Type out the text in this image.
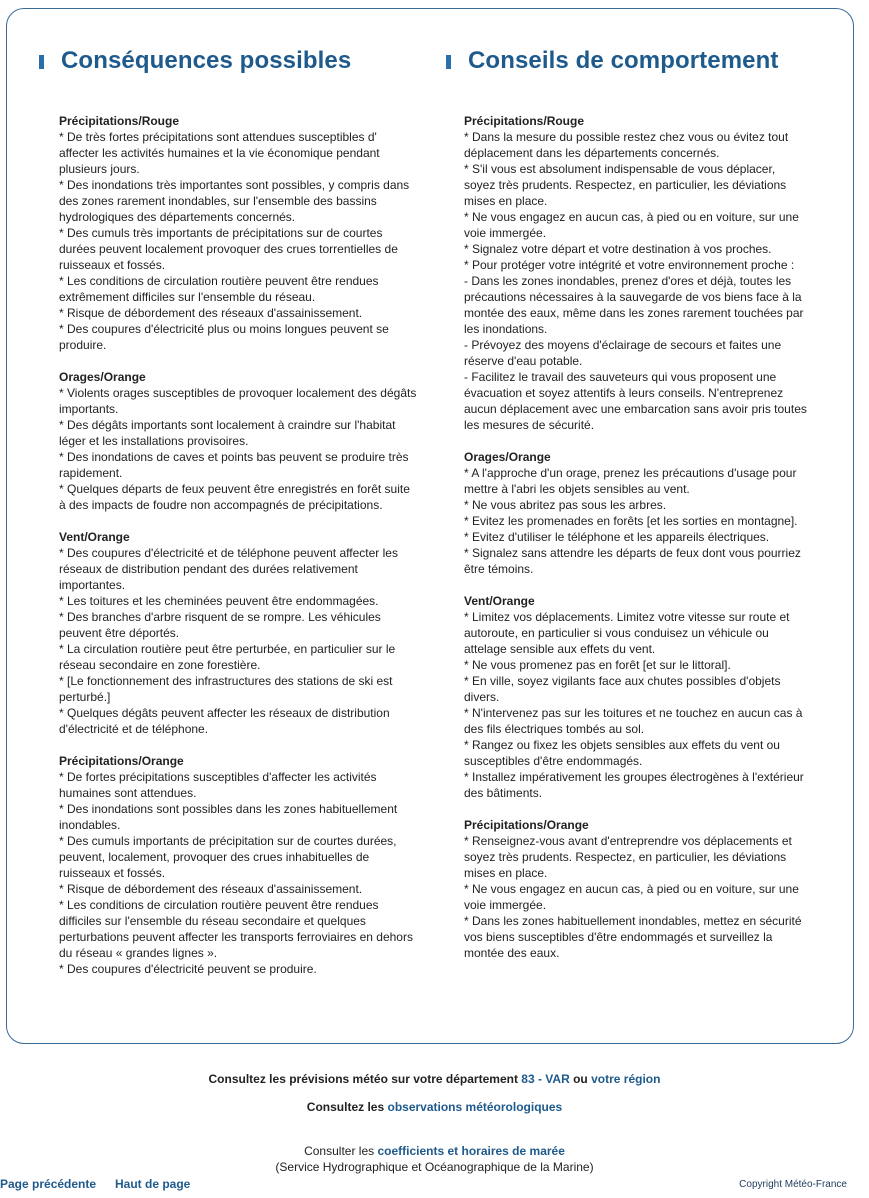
Conséquences possibles
Précipitations/Rouge
* De très fortes précipitations sont attendues susceptibles d' affecter les activités humaines et la vie économique pendant plusieurs jours.
* Des inondations très importantes sont possibles, y compris dans des zones rarement inondables, sur l'ensemble des bassins hydrologiques des départements concernés.
* Des cumuls très importants de précipitations sur de courtes durées peuvent localement provoquer des crues torrentielles de ruisseaux et fossés.
* Les conditions de circulation routière peuvent être rendues extrêmement difficiles sur l'ensemble du réseau.
* Risque de débordement des réseaux d'assainissement.
* Des coupures d'électricité plus ou moins longues peuvent se produire.
Orages/Orange
* Violents orages susceptibles de provoquer localement des dégâts importants.
* Des dégâts importants sont localement à craindre sur l'habitat léger et les installations provisoires.
* Des inondations de caves et points bas peuvent se produire très rapidement.
* Quelques départs de feux peuvent être enregistrés en forêt suite à des impacts de foudre non accompagnés de précipitations.
Vent/Orange
* Des coupures d'électricité et de téléphone peuvent affecter les réseaux de distribution pendant des durées relativement importantes.
* Les toitures et les cheminées peuvent être endommagées.
* Des branches d'arbre risquent de se rompre. Les véhicules peuvent être déportés.
* La circulation routière peut être perturbée, en particulier sur le réseau secondaire en zone forestière.
* [Le fonctionnement des infrastructures des stations de ski est perturbé.]
* Quelques dégâts peuvent affecter les réseaux de distribution d'électricité et de téléphone.
Précipitations/Orange
* De fortes précipitations susceptibles d'affecter les activités humaines sont attendues.
* Des inondations sont possibles dans les zones habituellement inondables.
* Des cumuls importants de précipitation sur de courtes durées, peuvent, localement, provoquer des crues inhabituelles de ruisseaux et fossés.
* Risque de débordement des réseaux d'assainissement.
* Les conditions de circulation routière peuvent être rendues difficiles sur l'ensemble du réseau secondaire et quelques perturbations peuvent affecter les transports ferroviaires en dehors du réseau « grandes lignes ».
* Des coupures d'électricité peuvent se produire.
Conseils de comportement
Précipitations/Rouge
* Dans la mesure du possible restez chez vous ou évitez tout déplacement dans les départements concernés.
* S'il vous est absolument indispensable de vous déplacer, soyez très prudents. Respectez, en particulier, les déviations mises en place.
* Ne vous engagez en aucun cas, à pied ou en voiture, sur une voie immergée.
* Signalez votre départ et votre destination à vos proches.
* Pour protéger votre intégrité et votre environnement proche :
- Dans les zones inondables, prenez d'ores et déjà, toutes les précautions nécessaires à la sauvegarde de vos biens face à la montée des eaux, même dans les zones rarement touchées par les inondations.
- Prévoyez des moyens d'éclairage de secours et faites une réserve d'eau potable.
- Facilitez le travail des sauveteurs qui vous proposent une évacuation et soyez attentifs à leurs conseils. N'entreprenez aucun déplacement avec une embarcation sans avoir pris toutes les mesures de sécurité.
Orages/Orange
* A l'approche d'un orage, prenez les précautions d'usage pour mettre à l'abri les objets sensibles au vent.
* Ne vous abritez pas sous les arbres.
* Evitez les promenades en forêts [et les sorties en montagne].
* Evitez d'utiliser le téléphone et les appareils électriques.
* Signalez sans attendre les départs de feux dont vous pourriez être témoins.
Vent/Orange
* Limitez vos déplacements. Limitez votre vitesse sur route et autoroute, en particulier si vous conduisez un véhicule ou attelage sensible aux effets du vent.
* Ne vous promenez pas en forêt [et sur le littoral].
* En ville, soyez vigilants face aux chutes possibles d'objets divers.
* N'intervenez pas sur les toitures et ne touchez en aucun cas à des fils électriques tombés au sol.
* Rangez ou fixez les objets sensibles aux effets du vent ou susceptibles d'être endommagés.
* Installez impérativement les groupes électrogènes à l'extérieur des bâtiments.
Précipitations/Orange
* Renseignez-vous avant d'entreprendre vos déplacements et soyez très prudents. Respectez, en particulier, les déviations mises en place.
* Ne vous engagez en aucun cas, à pied ou en voiture, sur une voie immergée.
* Dans les zones habituellement inondables, mettez en sécurité vos biens susceptibles d'être endommagés et surveillez la montée des eaux.
Consultez les prévisions météo sur votre département 83 - VAR ou votre région
Consultez les observations météorologiques
Consulter les coefficients et horaires de marée
(Service Hydrographique et Océanographique de la Marine)
Page précédente Haut de page	Copyright Météo-France
